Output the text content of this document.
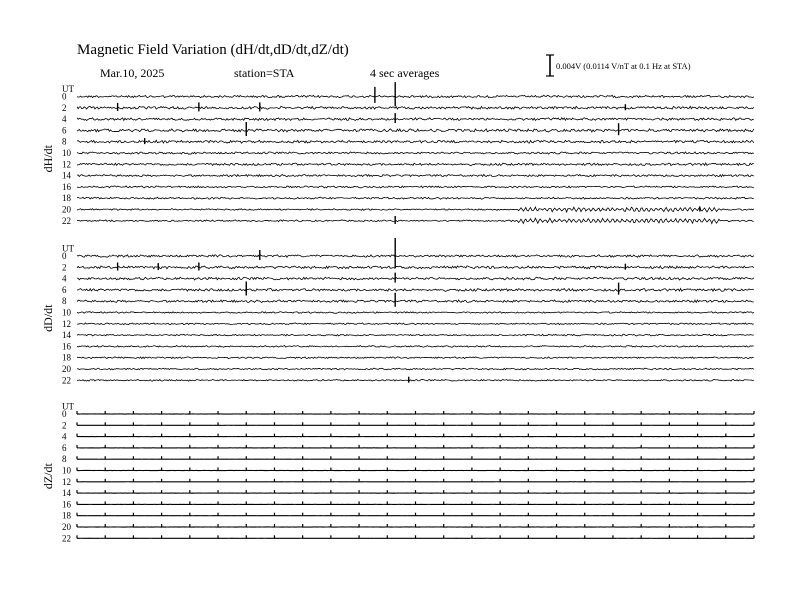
Magnetic Field Variation (dH/dt,dD/dt,dZ/dt)
Mar.10, 2025	station=STA	4 sec averages	0.004V (0.0114 V/nT at 0.1 Hz at STA)
UT
dH/dt
0
2
4
6
8
10
12
14
16
18
20
22
UT
dD/dt
0
2
4
6
8
10
12
14
16
18
20
22
UT
dZ/dt
0
2
4
6
8
10
12
14
16
18
20
22
